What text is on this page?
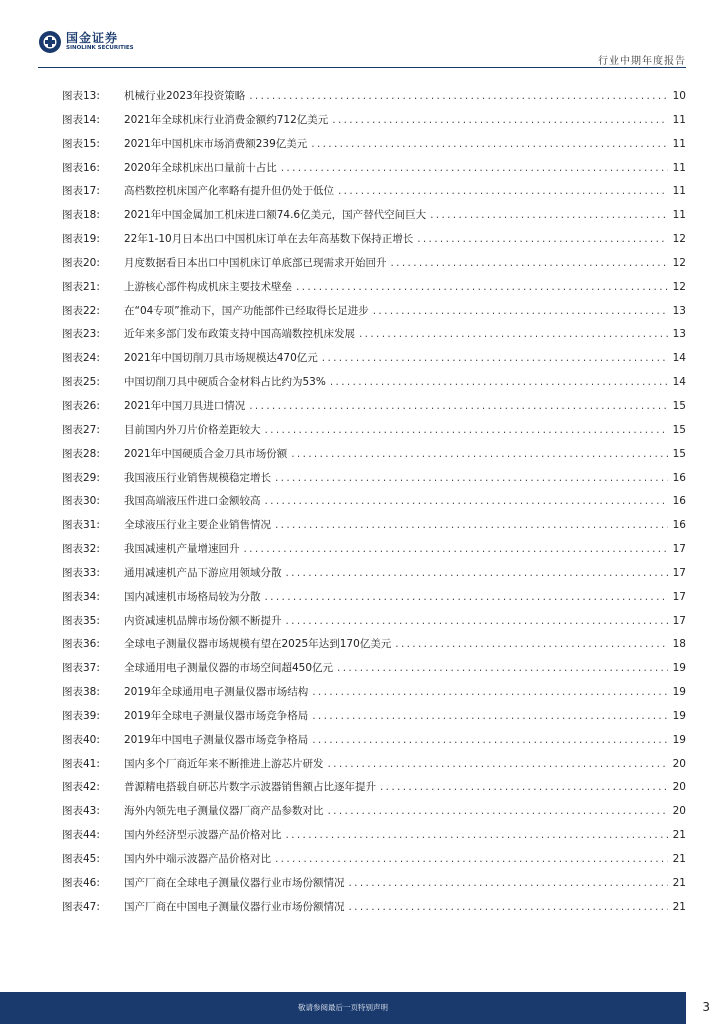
国金证券
SINOLINK SECURITIES
行业中期年度报告
图表13:	机械行业2023年投资策略 . . .	10
图表14:	2021年全球机床行业消费金额约712亿美元 . . .	11
图表15:	2021年中国机床市场消费额239亿美元 . . .	11
图表16:	2020年全球机床出口量前十占比 . . .	11
图表17:	高档数控机床国产化率略有提升但仍处于低位 . . .	11
图表18:	2021年中国金属加工机床进口额74.6亿美元，国产替代空间巨大 . . .	11
图表19:	22年1-10月日本出口中国机床订单在去年高基数下保持正增长 . . .	12
图表20:	月度数据看日本出口中国机床订单底部已现需求开始回升 . . .	12
图表21:	上游核心部件构成机床主要技术壁垒 . . .	12
图表22:	在“04专项”推动下，国产功能部件已经取得长足进步 . . .	13
图表23:	近年来多部门发布政策支持中国高端数控机床发展 . . .	13
图表24:	2021年中国切削刀具市场规模达470亿元 . . .	14
图表25:	中国切削刀具中硬质合金材料占比约为53% . . .	14
图表26:	2021年中国刀具进口情况 . . .	15
图表27:	目前国内外刀片价格差距较大 . . .	15
图表28:	2021年中国硬质合金刀具市场份额 . . .	15
图表29:	我国液压行业销售规模稳定增长 . . .	16
图表30:	我国高端液压件进口金额较高 . . .	16
图表31:	全球液压行业主要企业销售情况 . . .	16
图表32:	我国减速机产量增速回升 . . .	17
图表33:	通用减速机产品下游应用领域分散 . . .	17
图表34:	国内减速机市场格局较为分散 . . .	17
图表35:	内资减速机品牌市场份额不断提升 . . .	17
图表36:	全球电子测量仪器市场规模有望在2025年达到170亿美元 . . .	18
图表37:	全球通用电子测量仪器的市场空间超450亿元 . . .	19
图表38:	2019年全球通用电子测量仪器市场结构 . . .	19
图表39:	2019年全球电子测量仪器市场竞争格局 . . .	19
图表40:	2019年中国电子测量仪器市场竞争格局 . . .	19
图表41:	国内多个厂商近年来不断推进上游芯片研发 . . .	20
图表42:	普源精电搭载自研芯片数字示波器销售额占比逐年提升 . . .	20
图表43:	海外内领先电子测量仪器厂商产品参数对比 . . .	20
图表44:	国内外经济型示波器产品价格对比 . . .	21
图表45:	国内外中端示波器产品价格对比 . . .	21
图表46:	国产厂商在全球电子测量仪器行业市场份额情况 . . .	21
图表47:	国产厂商在中国电子测量仪器行业市场份额情况 . . .	21
敬请参阅最后一页特别声明	3
